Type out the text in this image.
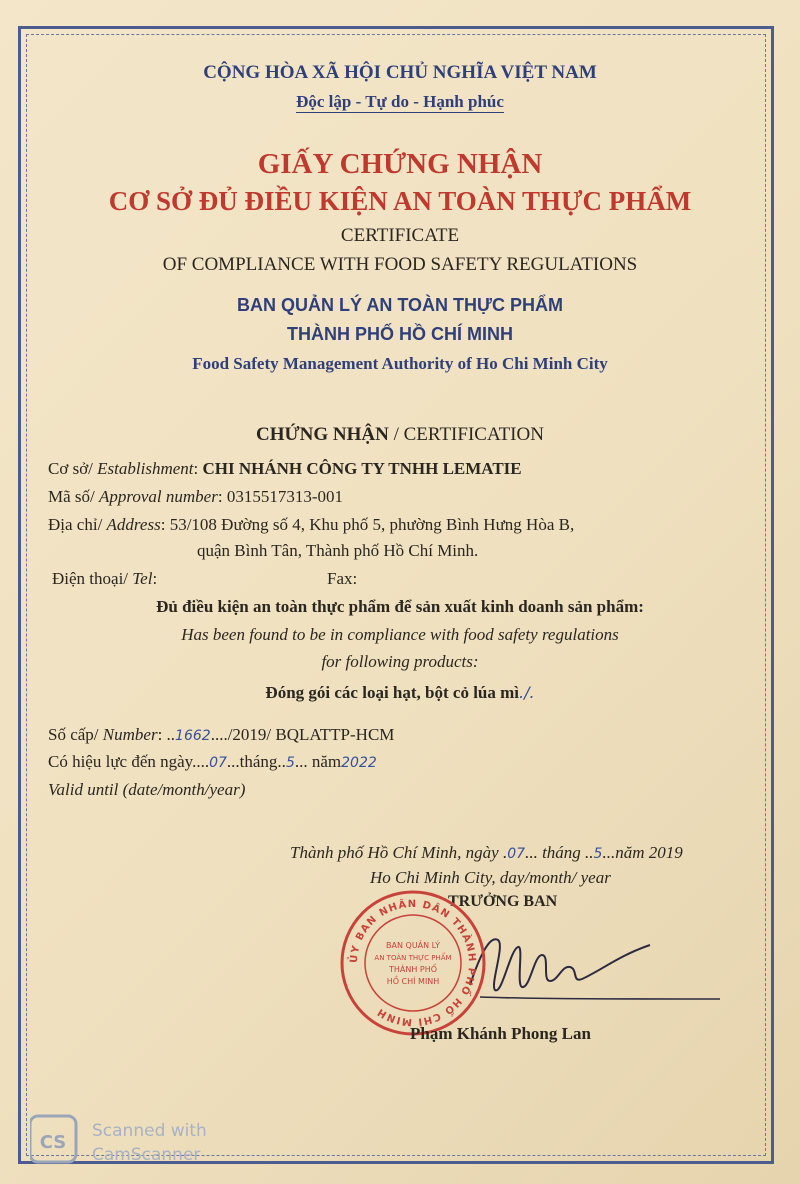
CỘNG HÒA XÃ HỘI CHỦ NGHĨA VIỆT NAM
Độc lập - Tự do - Hạnh phúc
GIẤY CHỨNG NHẬN
CƠ SỞ ĐỦ ĐIỀU KIỆN AN TOÀN THỰC PHẨM
CERTIFICATE
OF COMPLIANCE WITH FOOD SAFETY REGULATIONS
BAN QUẢN LÝ AN TOÀN THỰC PHẨM
THÀNH PHỐ HỒ CHÍ MINH
Food Safety Management Authority of Ho Chi Minh City
CHỨNG NHẬN / CERTIFICATION
Cơ sở/ Establishment: CHI NHÁNH CÔNG TY TNHH LEMATIE
Mã số/ Approval number: 0315517313-001
Địa chỉ/ Address: 53/108 Đường số 4, Khu phố 5, phường Bình Hưng Hòa B,
quận Bình Tân, Thành phố Hồ Chí Minh.
Điện thoại/ Tel:	Fax:
Đủ điều kiện an toàn thực phẩm để sản xuất kinh doanh sản phẩm:
Has been found to be in compliance with food safety regulations
for following products:
Đóng gói các loại hạt, bột cỏ lúa mì./.
Số cấp/ Number: ..1662..../2019/ BQLATTP-HCM
Có hiệu lực đến ngày....07...tháng..5... năm2022
Valid until (date/month/year)
Thành phố Hồ Chí Minh, ngày .07... tháng ..5...năm 2019
Ho Chi Minh City, day/month/ year
TRƯỞNG BAN
ỦY BAN NHÂN DÂN THÀNH PHỐ HỒ CHÍ MINH
BAN QUẢN LÝ
AN TOÀN THỰC PHẨM
THÀNH PHỐ
HỒ CHÍ MINH
Phạm Khánh Phong Lan
CS
Scanned with
CamScanner
